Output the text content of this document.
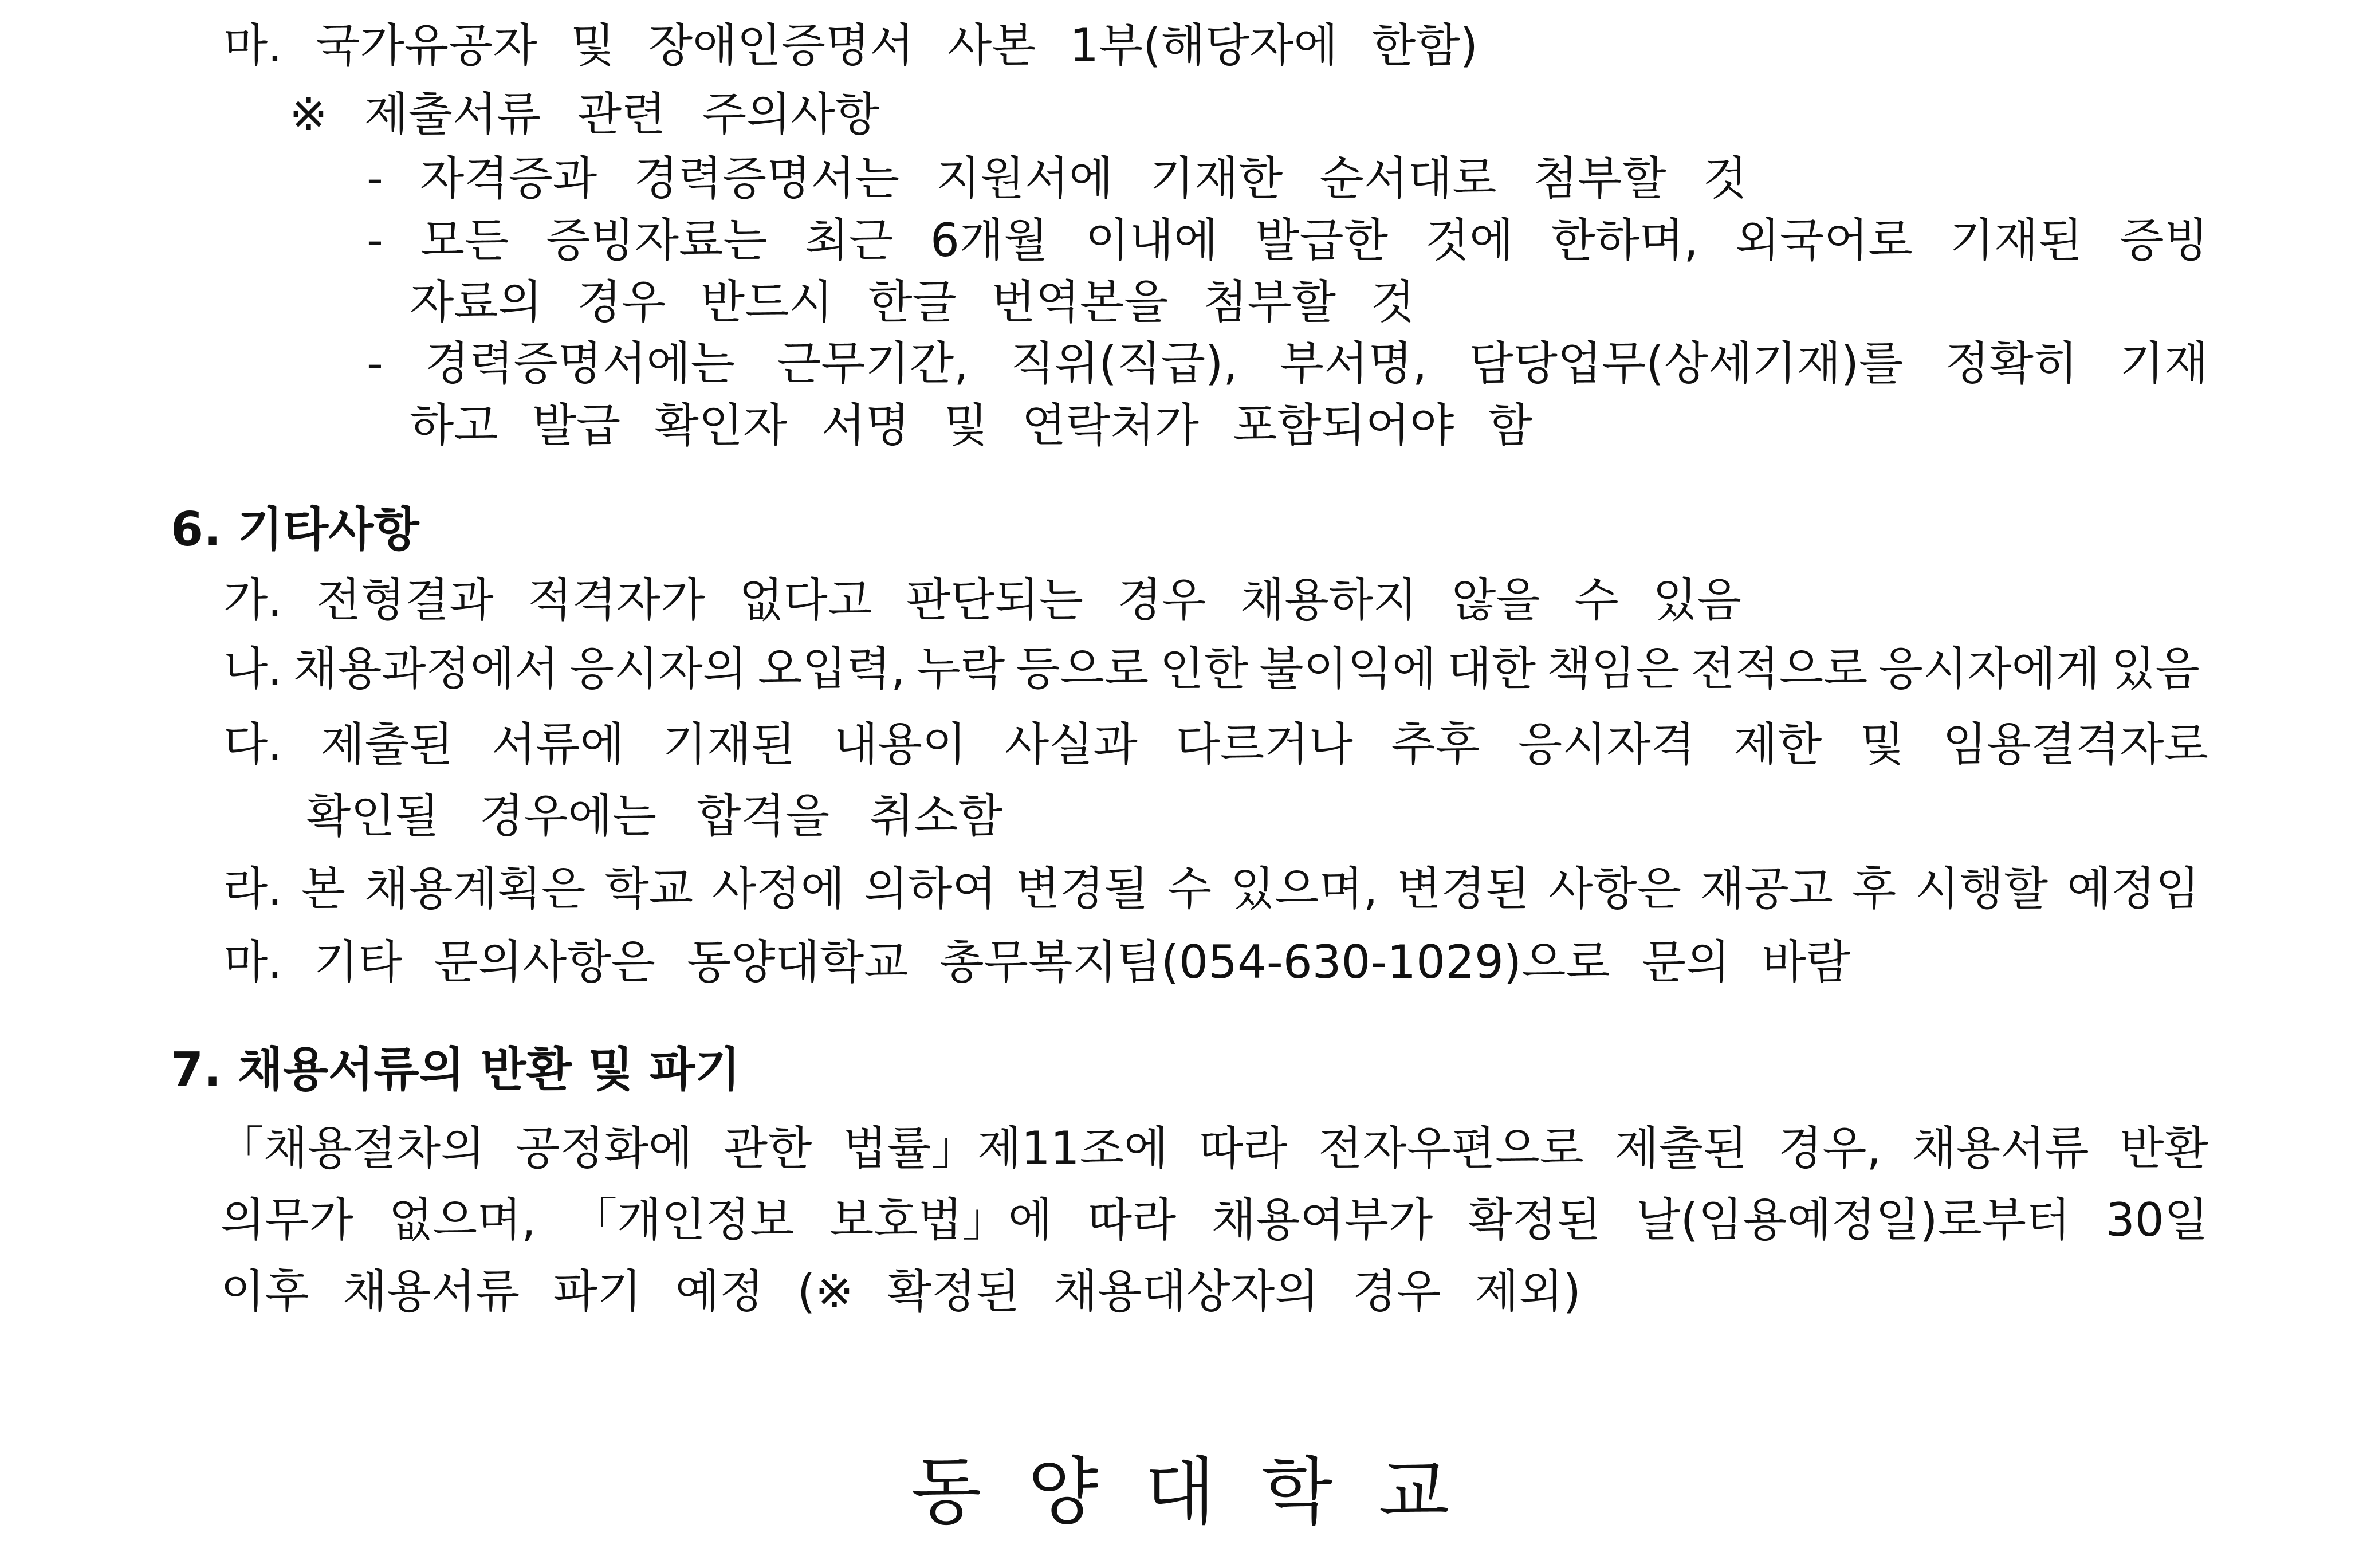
마. 국가유공자 및 장애인증명서 사본 1부(해당자에 한함)
※ 제출서류 관련 주의사항
- 자격증과 경력증명서는 지원서에 기재한 순서대로 첨부할 것
- 모든 증빙자료는 최근 6개월 이내에 발급한 것에 한하며, 외국어로 기재된 증빙
자료의 경우 반드시 한글 번역본을 첨부할 것
- 경력증명서에는 근무기간, 직위(직급), 부서명, 담당업무(상세기재)를 정확히 기재
하고 발급 확인자 서명 및 연락처가 포함되어야 함
6. 기타사항
가. 전형결과 적격자가 없다고 판단되는 경우 채용하지 않을 수 있음
나. 채용과정에서 응시자의 오입력, 누락 등으로 인한 불이익에 대한 책임은 전적으로 응시자에게 있음
다. 제출된 서류에 기재된 내용이 사실과 다르거나 추후 응시자격 제한 및 임용결격자로
확인될 경우에는 합격을 취소함
라. 본 채용계획은 학교 사정에 의하여 변경될 수 있으며, 변경된 사항은 재공고 후 시행할 예정임
마. 기타 문의사항은 동양대학교 총무복지팀(054-630-1029)으로 문의 바람
7. 채용서류의 반환 및 파기
「채용절차의 공정화에 관한 법률」제11조에 따라 전자우편으로 제출된 경우, 채용서류 반환
의무가 없으며, 「개인정보 보호법」에 따라 채용여부가 확정된 날(임용예정일)로부터 30일
이후 채용서류 파기 예정 (※ 확정된 채용대상자의 경우 제외)
동 양 대 학 교
